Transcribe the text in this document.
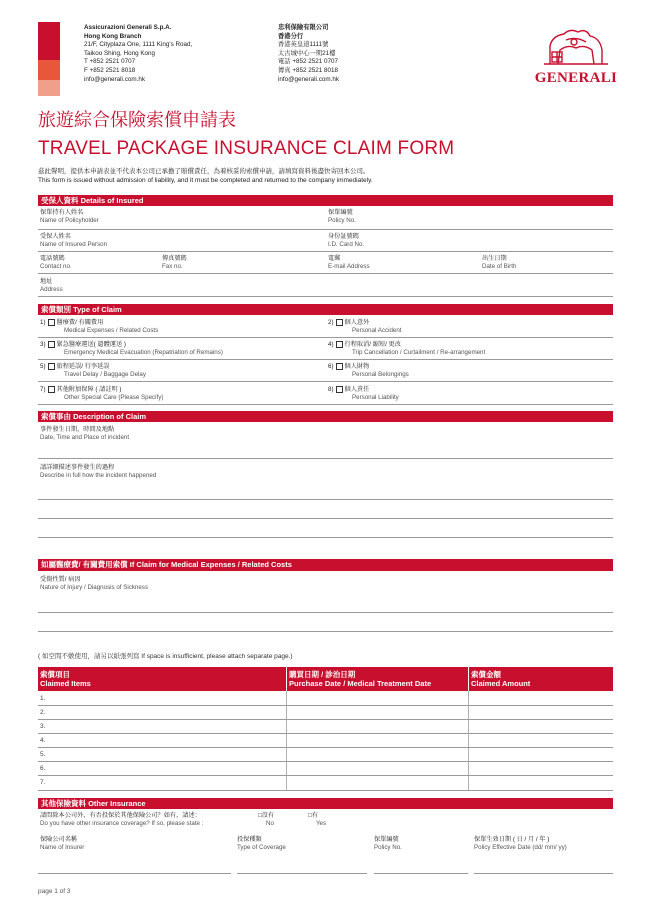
Assicurazioni Generali S.p.A.
Hong Kong Branch
21/F, Cityplaza One, 1111 King's Road,
Taikoo Shing, Hong Kong
T +852 2521 0707
F +852 2521 8018
info@generali.com.hk
忠利保險有限公司
香港分行
香港英皇道1111號
太古城中心一期21樓
電話 +852 2521 0707
傳真 +852 2521 8018
info@generali.com.hk	GENERALI
旅遊綜合保險索償申請表
TRAVEL PACKAGE INSURANCE CLAIM FORM
茲此聲明，提供本申請表並不代表本公司已承擔了賠償責任，為着核妥的索償申請，請填寫資料後盡快寄回本公司。
This form is issued without admission of liability, and it must be completed and returned to the company immediately.
受保人資料 Details of Insured
保單持有人姓名
Name of Policyholder
保單編號
Policy No.
受保人姓名
Name of Insured Person
身份証號碼
I.D. Card No.
電話號碼
Contact no.
傳真號碼
Fax no.
電郵
E-mail Address
出生日期
Date of Birth
地址
Address
索償類別 Type of Claim
1) 醫療費/ 有關費用
Medical Expenses / Related Costs
2) 個人意外
Personal Accident
3) 緊急醫療運送( 遺體運送 )
Emergency Medical Evacuation (Repatriation of Remains)
4) 行程取消/ 縮短/ 更改
Trip Cancellation / Curtailment / Re-arrangement
5) 旅程延誤/ 行李延誤
Travel Delay / Baggage Delay
6) 個人財物
Personal Belongings
7) 其他附加保障 ( 請註明 )
Other Special Care (Please Specify)
8) 個人責任
Personal Liability
索償事由 Description of Claim
事件發生日期，時間及地點
Date, Time and Place of incident
請詳細描述事件發生的過程
Describe in full how the incident happened
如屬醫療費/ 有關費用索償 If Claim for Medical Expenses / Related Costs
受傷性質/ 病因
Nature of Injury / Diagnosis of Sickness
( 如空間不敷使用，請另以紙張列寫 If space is insufficient, please attach separate page.)
索償項目
Claimed Items
購買日期 / 診治日期
Purchase Date / Medical Treatment Date
索償金額
Claimed Amount
1.
2.
3.
4.
5.
6.
7.
其他保險資料 Other Insurance
請問除本公司外，有否投保於其他保險公司？如有，請述：
Do you have other insurance coverage? If so, please state :
□沒有
No
□有
Yes
保險公司名稱
Name of Insurer
投保種類
Type of Coverage
保單編號
Policy No.
保單生效日期 ( 日 / 月 / 年 )
Policy Effective Date (dd/ mm/ yy)
page 1 of 3
